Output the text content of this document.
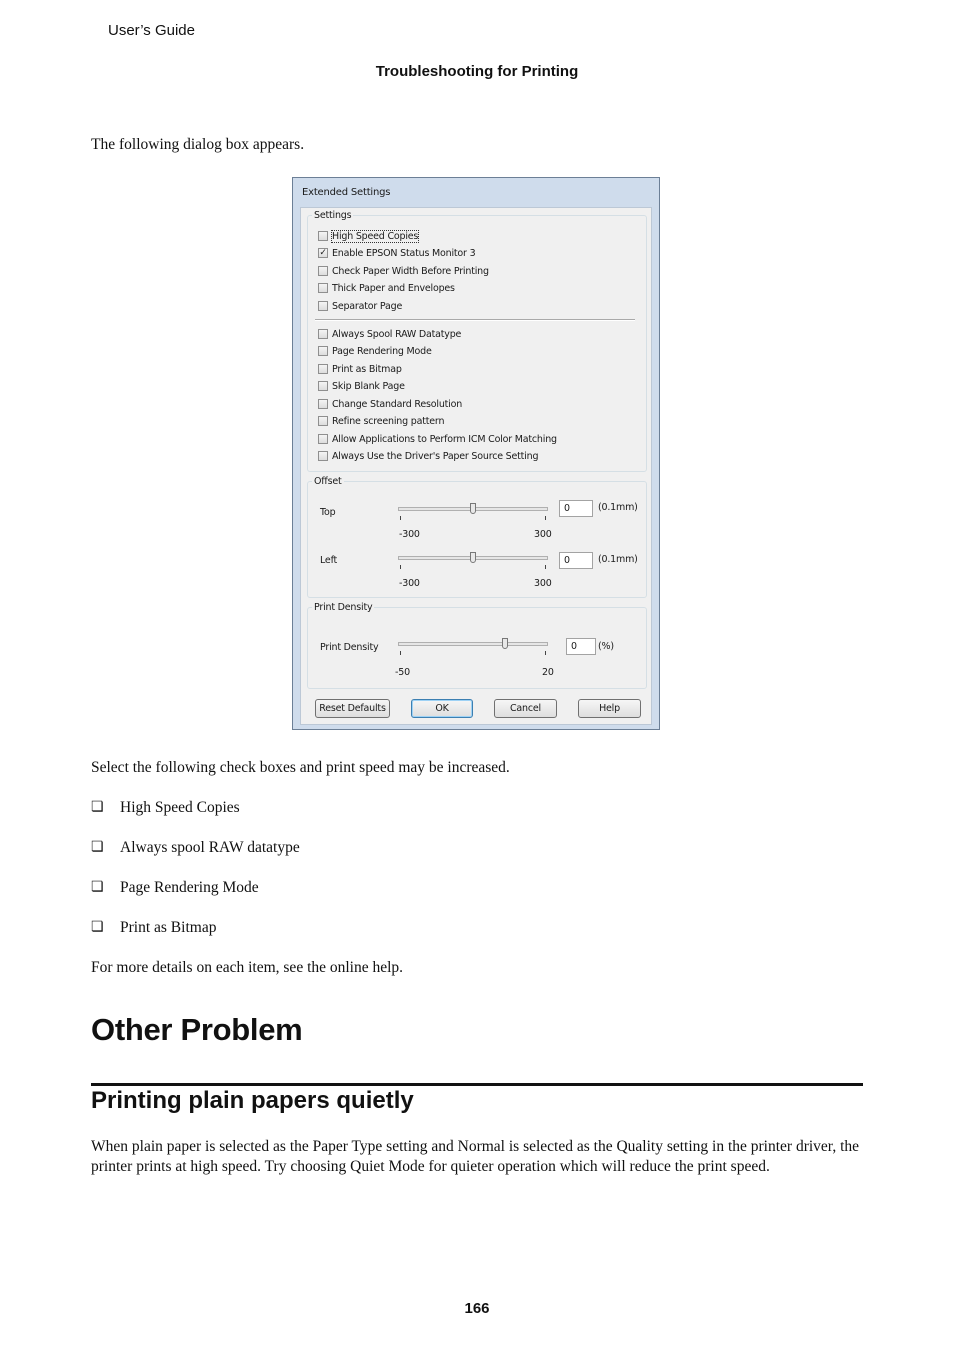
User’s Guide
Troubleshooting for Printing
The following dialog box appears.
Extended Settings
Settings
High Speed Copies
✓ Enable EPSON Status Monitor 3
Check Paper Width Before Printing
Thick Paper and Envelopes
Separator Page
Always Spool RAW Datatype
Page Rendering Mode
Print as Bitmap
Skip Blank Page
Change Standard Resolution
Refine screening pattern
Allow Applications to Perform ICM Color Matching
Always Use the Driver's Paper Source Setting
Offset
Top
-300	300
0	(0.1mm)
Left
-300	300
0	(0.1mm)
Print Density
Print Density
-50	20
0	(%)
Reset Defaults	OK	Cancel	Help
Select the following check boxes and print speed may be increased.
❏	High Speed Copies
❏	Always spool RAW datatype
❏	Page Rendering Mode
❏	Print as Bitmap
For more details on each item, see the online help.
Other Problem
Printing plain papers quietly
When plain paper is selected as the Paper Type setting and Normal is selected as the Quality setting in the printer driver, the printer prints at high speed. Try choosing Quiet Mode for quieter operation which will reduce the print speed.
166
